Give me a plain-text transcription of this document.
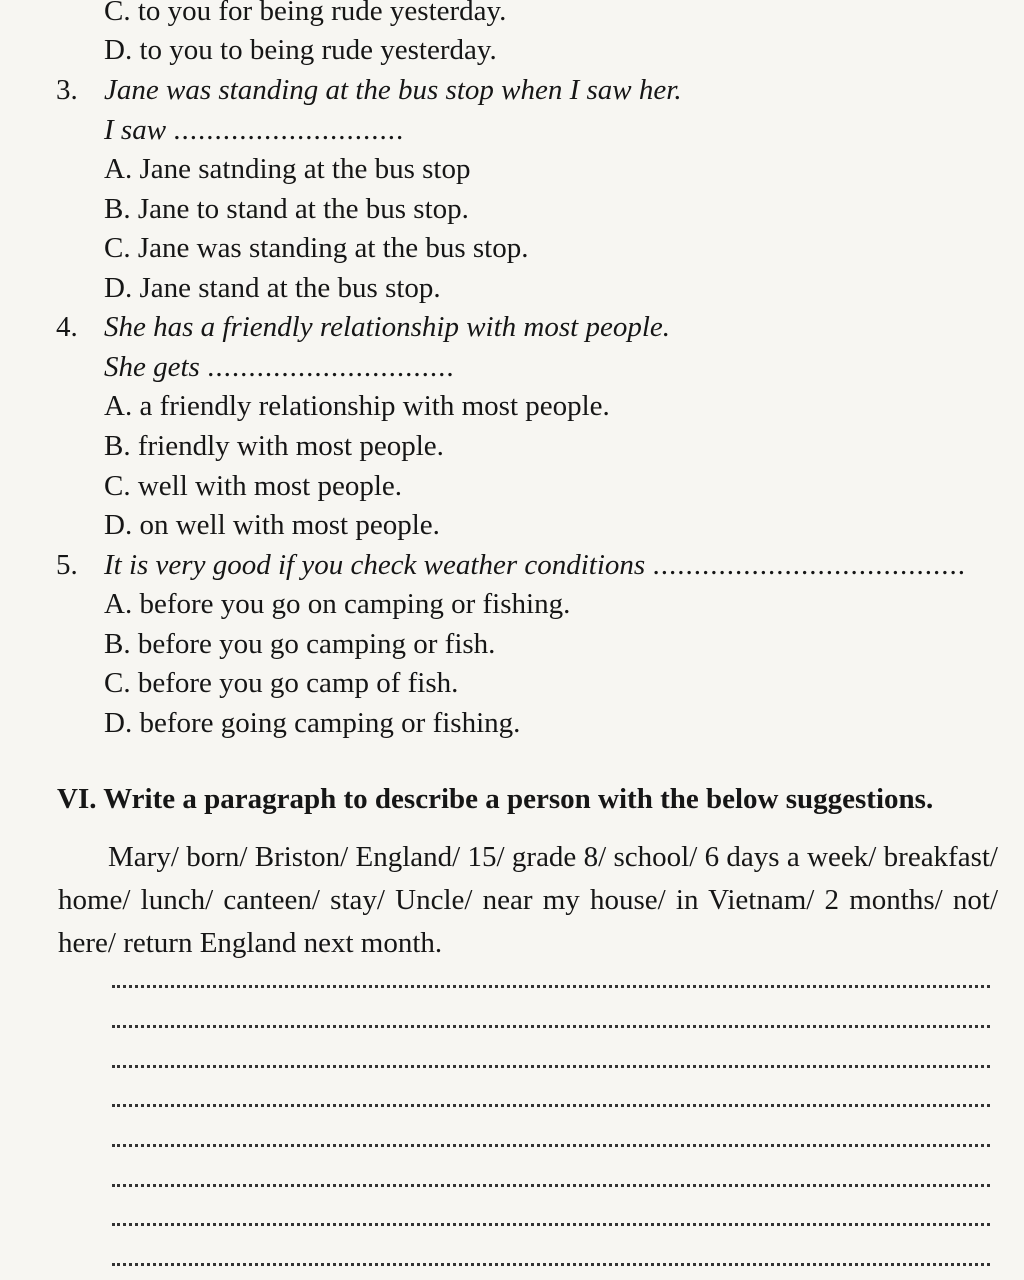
C. to you for being rude yesterday.
D. to you to being rude yesterday.
3. Jane was standing at the bus stop when I saw her.
I saw ............................
A. Jane satnding at the bus stop
B. Jane to stand at the bus stop.
C. Jane was standing at the bus stop.
D. Jane stand at the bus stop.
4. She has a friendly relationship with most people.
She gets ..............................
A. a friendly relationship with most people.
B. friendly with most people.
C. well with most people.
D. on well with most people.
5. It is very good if you check weather conditions ......................................
A. before you go on camping or fishing.
B. before you go camping or fish.
C. before you go camp of fish.
D. before going camping or fishing.
VI. Write a paragraph to describe a person with the below suggestions.
Mary/ born/ Briston/ England/ 15/ grade 8/ school/ 6 days a week/ breakfast/ home/ lunch/ canteen/ stay/ Uncle/ near my house/ in Vietnam/ 2 months/ not/ here/ return England next month.
